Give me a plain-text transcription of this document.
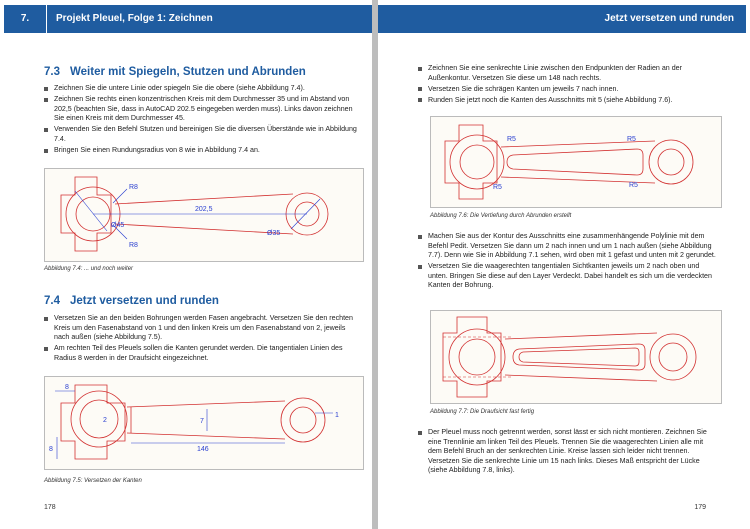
7.	Projekt Pleuel, Folge 1: Zeichnen
7.3 Weiter mit Spiegeln, Stutzen und Abrunden
Zeichnen Sie die untere Linie oder spiegeln Sie die obere (siehe Abbildung 7.4).
Zeichnen Sie rechts einen konzentrischen Kreis mit dem Durchmesser 35 und im Abstand von 202,5 (beachten Sie, dass in AutoCAD 202.5 eingegeben werden muss). Links davon zeichnen Sie einen Kreis mit dem Durchmesser 45.
Verwenden Sie den Befehl Stutzen und bereinigen Sie die diversen Überstände wie in Abbildung 7.4.
Bringen Sie einen Rundungsradius von 8 wie in Abbildung 7.4 an.
R8
R8
Ø45
202,5
Ø35
Abbildung 7.4: ... und noch weiter
7.4 Jetzt versetzen und runden
Versetzen Sie an den beiden Bohrungen werden Fasen angebracht. Versetzen Sie den rechten Kreis um den Fasenabstand von 1 und den linken Kreis um den Fasenabstand von 2, jeweils nach außen (siehe Abbildung 7.5).
Am rechten Teil des Pleuels sollen die Kanten gerundet werden. Die tangentialen Linien des Radius 8 werden in der Draufsicht eingezeichnet.
8
2	7
146
1
8
Abbildung 7.5: Versetzen der Kanten
178
Jetzt versetzen und runden
Zeichnen Sie eine senkrechte Linie zwischen den Endpunkten der Radien an der Außenkontur. Versetzen Sie diese um 148 nach rechts.
Versetzen Sie die schrägen Kanten um jeweils 7 nach innen.
Runden Sie jetzt noch die Kanten des Ausschnitts mit 5 (siehe Abbildung 7.6).
R5
R5
R5
R5
Abbildung 7.6: Die Vertiefung durch Abrunden erstellt
Machen Sie aus der Kontur des Ausschnitts eine zusammenhängende Polylinie mit dem Befehl Pedit. Versetzen Sie dann um 2 nach innen und um 1 nach außen (siehe Abbildung 7.7). Denn wie Sie in Abbildung 7.1 sehen, wird oben mit 1 gefast und unten mit 2 gerundet.
Versetzen Sie die waagerechten tangentialen Sichtkanten jeweils um 2 nach oben und unten. Bringen Sie diese auf den Layer Verdeckt. Dabei handelt es sich um die verdeckten Kanten der Bohrung.
Abbildung 7.7: Die Draufsicht fast fertig
Der Pleuel muss noch getrennt werden, sonst lässt er sich nicht montieren. Zeichnen Sie eine Trennlinie am linken Teil des Pleuels. Trennen Sie die waagerechten Linien alle mit dem Befehl Bruch an der senkrechten Linie. Kreise lassen sich leider nicht trennen. Versetzen Sie die senkrechte Linie um 15 nach links. Dieses Maß entspricht der Lücke (siehe Abbildung 7.8, links).
179
